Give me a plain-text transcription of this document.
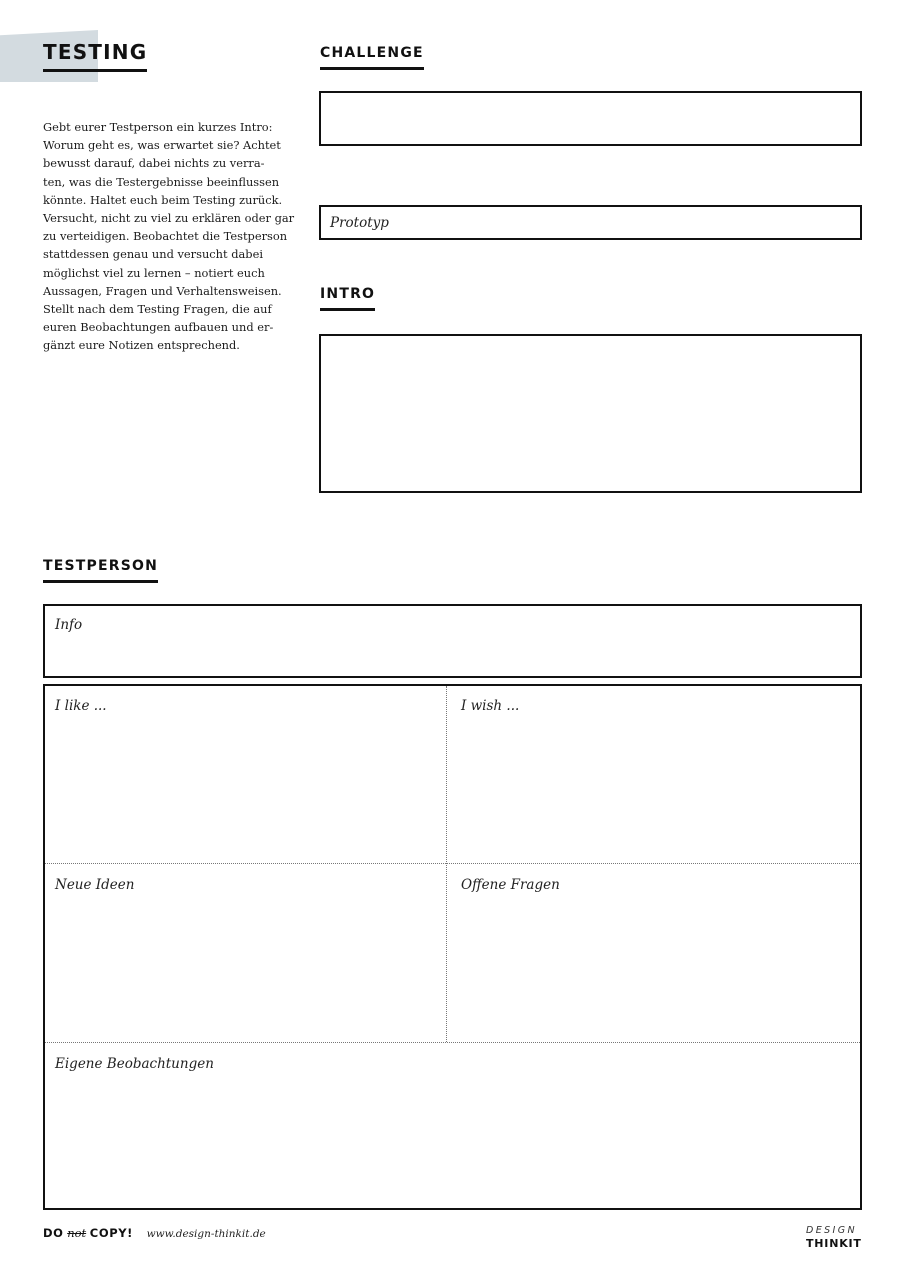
TESTING
Gebt eurer Testperson ein kurzes Intro:
Worum geht es, was erwartet sie? Achtet
bewusst darauf, dabei nichts zu verra-
ten, was die Testergebnisse beeinflussen
könnte. Haltet euch beim Testing zurück.
Versucht, nicht zu viel zu erklären oder gar
zu verteidigen. Beobachtet die Testperson
stattdessen genau und versucht dabei
möglichst viel zu lernen – notiert euch
Aussagen, Fragen und Verhaltensweisen.
Stellt nach dem Testing Fragen, die auf
euren Beobachtungen aufbauen und er-
gänzt eure Notizen entsprechend.
CHALLENGE
Prototyp
INTRO
TESTPERSON
Info
I like ...	I wish ...
Neue Ideen	Offene Fragen
Eigene Beobachtungen
DO not COPY! www.design-thinkit.de	DESIGN
THINKIT
